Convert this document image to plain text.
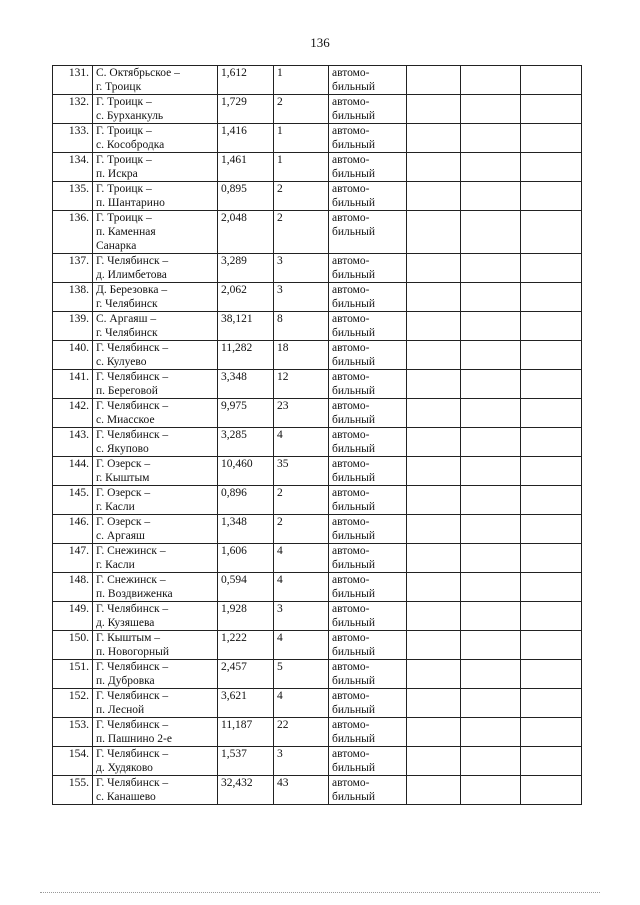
136
131.	С. Октябрьское –
г. Троицк	1,612	1	автомо-
бильный			

132.	Г. Троицк –
с. Бурханкуль	1,729	2	автомо-
бильный			

133.	Г. Троицк –
с. Кособродка	1,416	1	автомо-
бильный			

134.	Г. Троицк –
п. Искра	1,461	1	автомо-
бильный			

135.	Г. Троицк –
п. Шантарино	0,895	2	автомо-
бильный			

136.	Г. Троицк –
п. Каменная
Санарка	2,048	2	автомо-
бильный			

137.	Г. Челябинск –
д. Илимбетова	3,289	3	автомо-
бильный			

138.	Д. Березовка –
г. Челябинск	2,062	3	автомо-
бильный			

139.	С. Аргаяш –
г. Челябинск	38,121	8	автомо-
бильный			

140.	Г. Челябинск –
с. Кулуево	11,282	18	автомо-
бильный			

141.	Г. Челябинск –
п. Береговой	3,348	12	автомо-
бильный			

142.	Г. Челябинск –
с. Миасское	9,975	23	автомо-
бильный			

143.	Г. Челябинск –
с. Якупово	3,285	4	автомо-
бильный			

144.	Г. Озерск –
г. Кыштым	10,460	35	автомо-
бильный			

145.	Г. Озерск –
г. Касли	0,896	2	автомо-
бильный			

146.	Г. Озерск –
с. Аргаяш	1,348	2	автомо-
бильный			

147.	Г. Снежинск –
г. Касли	1,606	4	автомо-
бильный			

148.	Г. Снежинск –
п. Воздвиженка	0,594	4	автомо-
бильный			

149.	Г. Челябинск –
д. Кузяшева	1,928	3	автомо-
бильный			

150.	Г. Кыштым –
п. Новогорный	1,222	4	автомо-
бильный			

151.	Г. Челябинск –
п. Дубровка	2,457	5	автомо-
бильный			

152.	Г. Челябинск –
п. Лесной	3,621	4	автомо-
бильный			

153.	Г. Челябинск –
п. Пашнино 2-е	11,187	22	автомо-
бильный			

154.	Г. Челябинск –
д. Худяково	1,537	3	автомо-
бильный			

155.	Г. Челябинск –
с. Канашево	32,432	43	автомо-
бильный			
